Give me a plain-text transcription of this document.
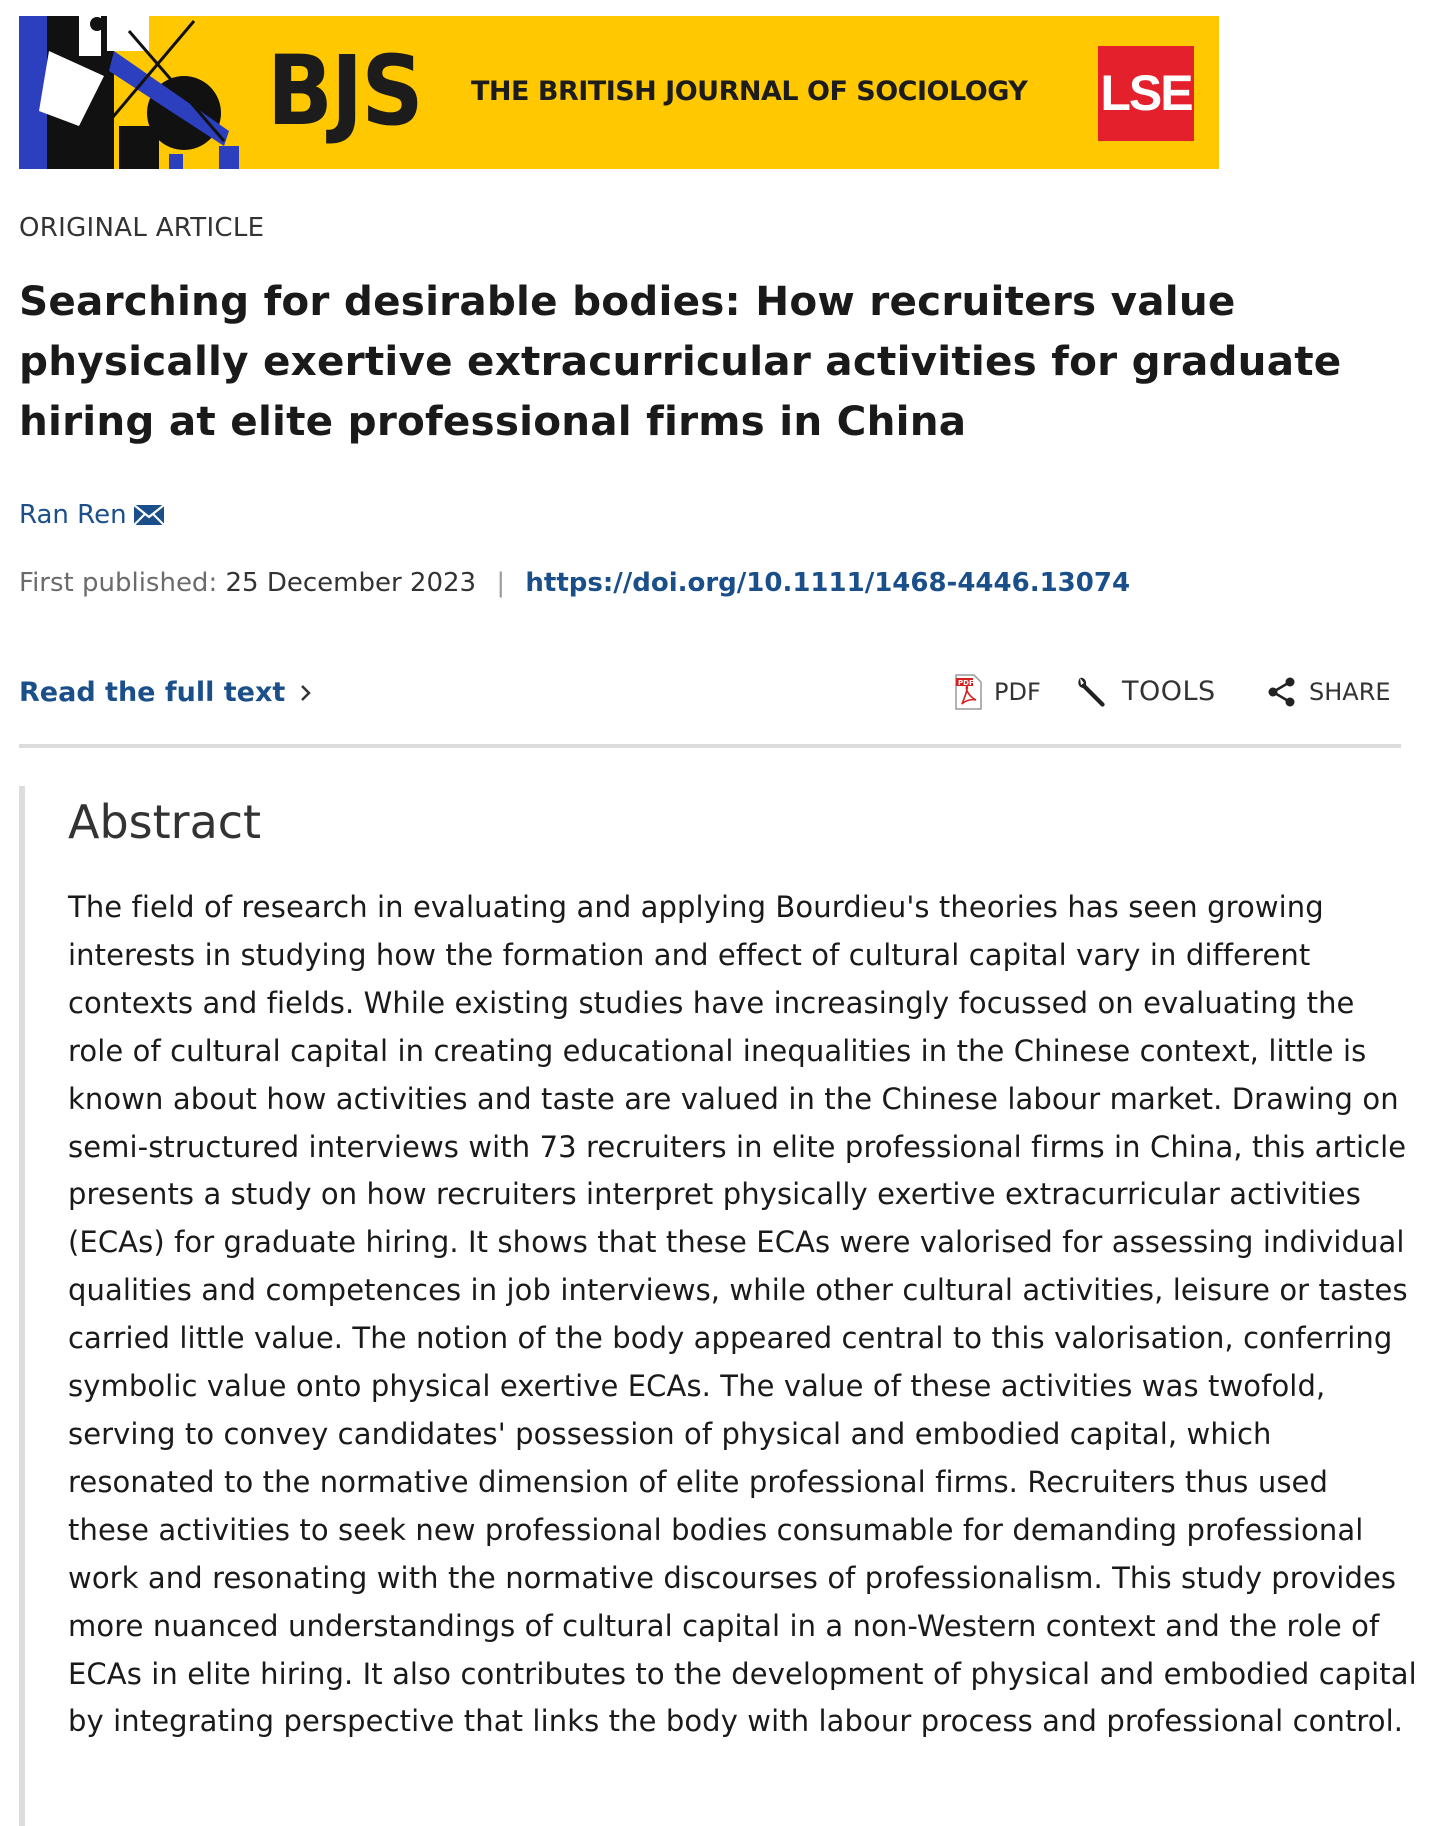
BJS THE BRITISH JOURNAL OF SOCIOLOGY LSE
ORIGINAL ARTICLE
Searching for desirable bodies: How recruiters value physically exertive extracurricular activities for graduate hiring at elite professional firms in China
Ran Ren
First published: 25 December 2023 | https://doi.org/10.1111/1468-4446.13074
Read the full text	PDF PDF	TOOLS	SHARE
Abstract

The field of research in evaluating and applying Bourdieu's theories has seen growing interests in studying how the formation and effect of cultural capital vary in different contexts and fields. While existing studies have increasingly focussed on evaluating the role of cultural capital in creating educational inequalities in the Chinese context, little is known about how activities and taste are valued in the Chinese labour market. Drawing on semi-structured interviews with 73 recruiters in elite professional firms in China, this article presents a study on how recruiters interpret physically exertive extracurricular activities (ECAs) for graduate hiring. It shows that these ECAs were valorised for assessing individual qualities and competences in job interviews, while other cultural activities, leisure or tastes carried little value. The notion of the body appeared central to this valorisation, conferring symbolic value onto physical exertive ECAs. The value of these activities was twofold, serving to convey candidates' possession of physical and embodied capital, which resonated to the normative dimension of elite professional firms. Recruiters thus used these activities to seek new professional bodies consumable for demanding professional work and resonating with the normative discourses of professionalism. This study provides more nuanced understandings of cultural capital in a non-Western context and the role of ECAs in elite hiring. It also contributes to the development of physical and embodied capital by integrating perspective that links the body with labour process and professional control.
